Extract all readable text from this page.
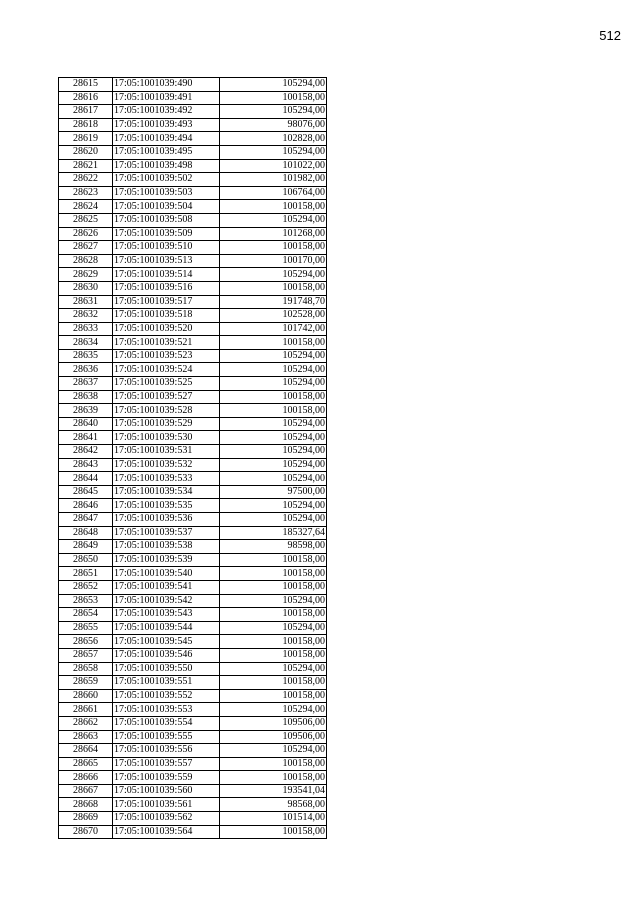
512
28615	17:05:1001039:490	105294,00
28616	17:05:1001039:491	100158,00
28617	17:05:1001039:492	105294,00
28618	17:05:1001039:493	98076,00
28619	17:05:1001039:494	102828,00
28620	17:05:1001039:495	105294,00
28621	17:05:1001039:498	101022,00
28622	17:05:1001039:502	101982,00
28623	17:05:1001039:503	106764,00
28624	17:05:1001039:504	100158,00
28625	17:05:1001039:508	105294,00
28626	17:05:1001039:509	101268,00
28627	17:05:1001039:510	100158,00
28628	17:05:1001039:513	100170,00
28629	17:05:1001039:514	105294,00
28630	17:05:1001039:516	100158,00
28631	17:05:1001039:517	191748,70
28632	17:05:1001039:518	102528,00
28633	17:05:1001039:520	101742,00
28634	17:05:1001039:521	100158,00
28635	17:05:1001039:523	105294,00
28636	17:05:1001039:524	105294,00
28637	17:05:1001039:525	105294,00
28638	17:05:1001039:527	100158,00
28639	17:05:1001039:528	100158,00
28640	17:05:1001039:529	105294,00
28641	17:05:1001039:530	105294,00
28642	17:05:1001039:531	105294,00
28643	17:05:1001039:532	105294,00
28644	17:05:1001039:533	105294,00
28645	17:05:1001039:534	97500,00
28646	17:05:1001039:535	105294,00
28647	17:05:1001039:536	105294,00
28648	17:05:1001039:537	185327,64
28649	17:05:1001039:538	98598,00
28650	17:05:1001039:539	100158,00
28651	17:05:1001039:540	100158,00
28652	17:05:1001039:541	100158,00
28653	17:05:1001039:542	105294,00
28654	17:05:1001039:543	100158,00
28655	17:05:1001039:544	105294,00
28656	17:05:1001039:545	100158,00
28657	17:05:1001039:546	100158,00
28658	17:05:1001039:550	105294,00
28659	17:05:1001039:551	100158,00
28660	17:05:1001039:552	100158,00
28661	17:05:1001039:553	105294,00
28662	17:05:1001039:554	109506,00
28663	17:05:1001039:555	109506,00
28664	17:05:1001039:556	105294,00
28665	17:05:1001039:557	100158,00
28666	17:05:1001039:559	100158,00
28667	17:05:1001039:560	193541,04
28668	17:05:1001039:561	98568,00
28669	17:05:1001039:562	101514,00
28670	17:05:1001039:564	100158,00
